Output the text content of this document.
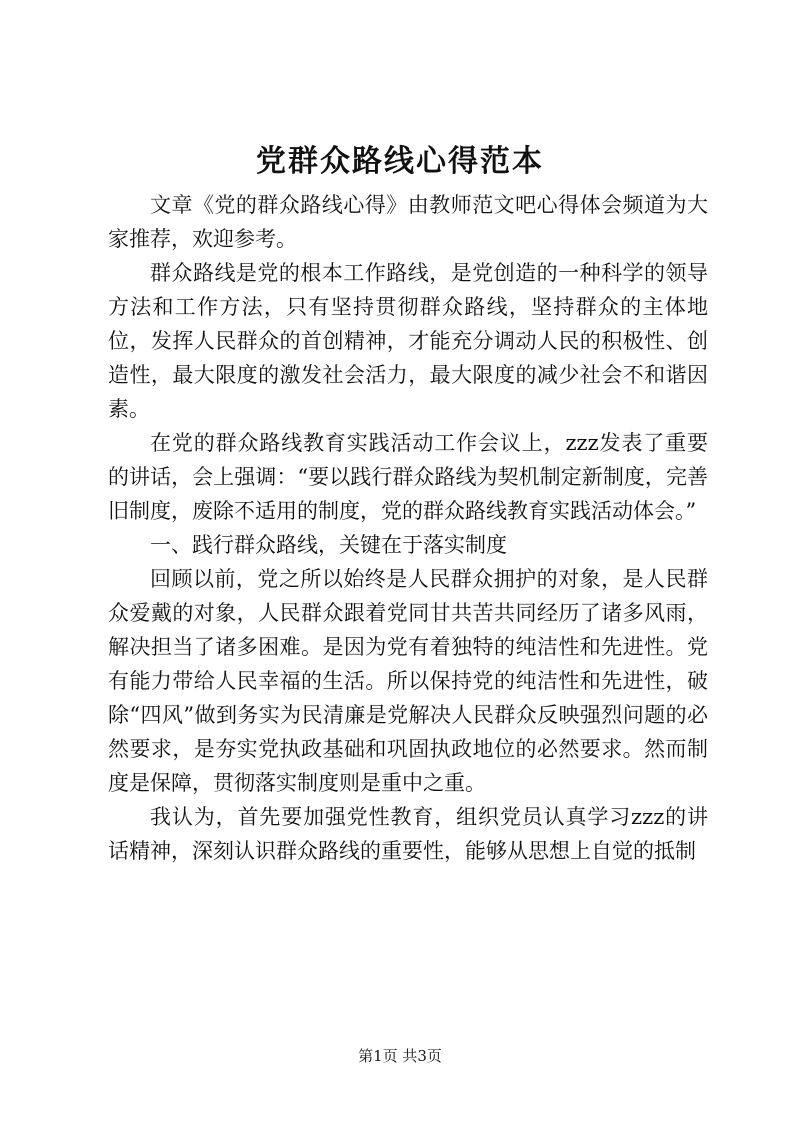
党群众路线心得范本

文章《党的群众路线心得》由教师范文吧心得体会频道为大家推荐，欢迎参考。

群众路线是党的根本工作路线，是党创造的一种科学的领导方法和工作方法，只有坚持贯彻群众路线，坚持群众的主体地位，发挥人民群众的首创精神，才能充分调动人民的积极性、创造性，最大限度的激发社会活力，最大限度的减少社会不和谐因素。

在党的群众路线教育实践活动工作会议上，zzz发表了重要的讲话，会上强调：“要以践行群众路线为契机制定新制度，完善旧制度，废除不适用的制度，党的群众路线教育实践活动体会。”

一、践行群众路线，关键在于落实制度

回顾以前，党之所以始终是人民群众拥护的对象，是人民群众爱戴的对象，人民群众跟着党同甘共苦共同经历了诸多风雨，解决担当了诸多困难。是因为党有着独特的纯洁性和先进性。党有能力带给人民幸福的生活。所以保持党的纯洁性和先进性，破除“四风”做到务实为民清廉是党解决人民群众反映强烈问题的必然要求，是夯实党执政基础和巩固执政地位的必然要求。然而制度是保障，贯彻落实制度则是重中之重。

我认为，首先要加强党性教育，组织党员认真学习zzz的讲话精神，深刻认识群众路线的重要性，能够从思想上自觉的抵制

第1页 共3页
